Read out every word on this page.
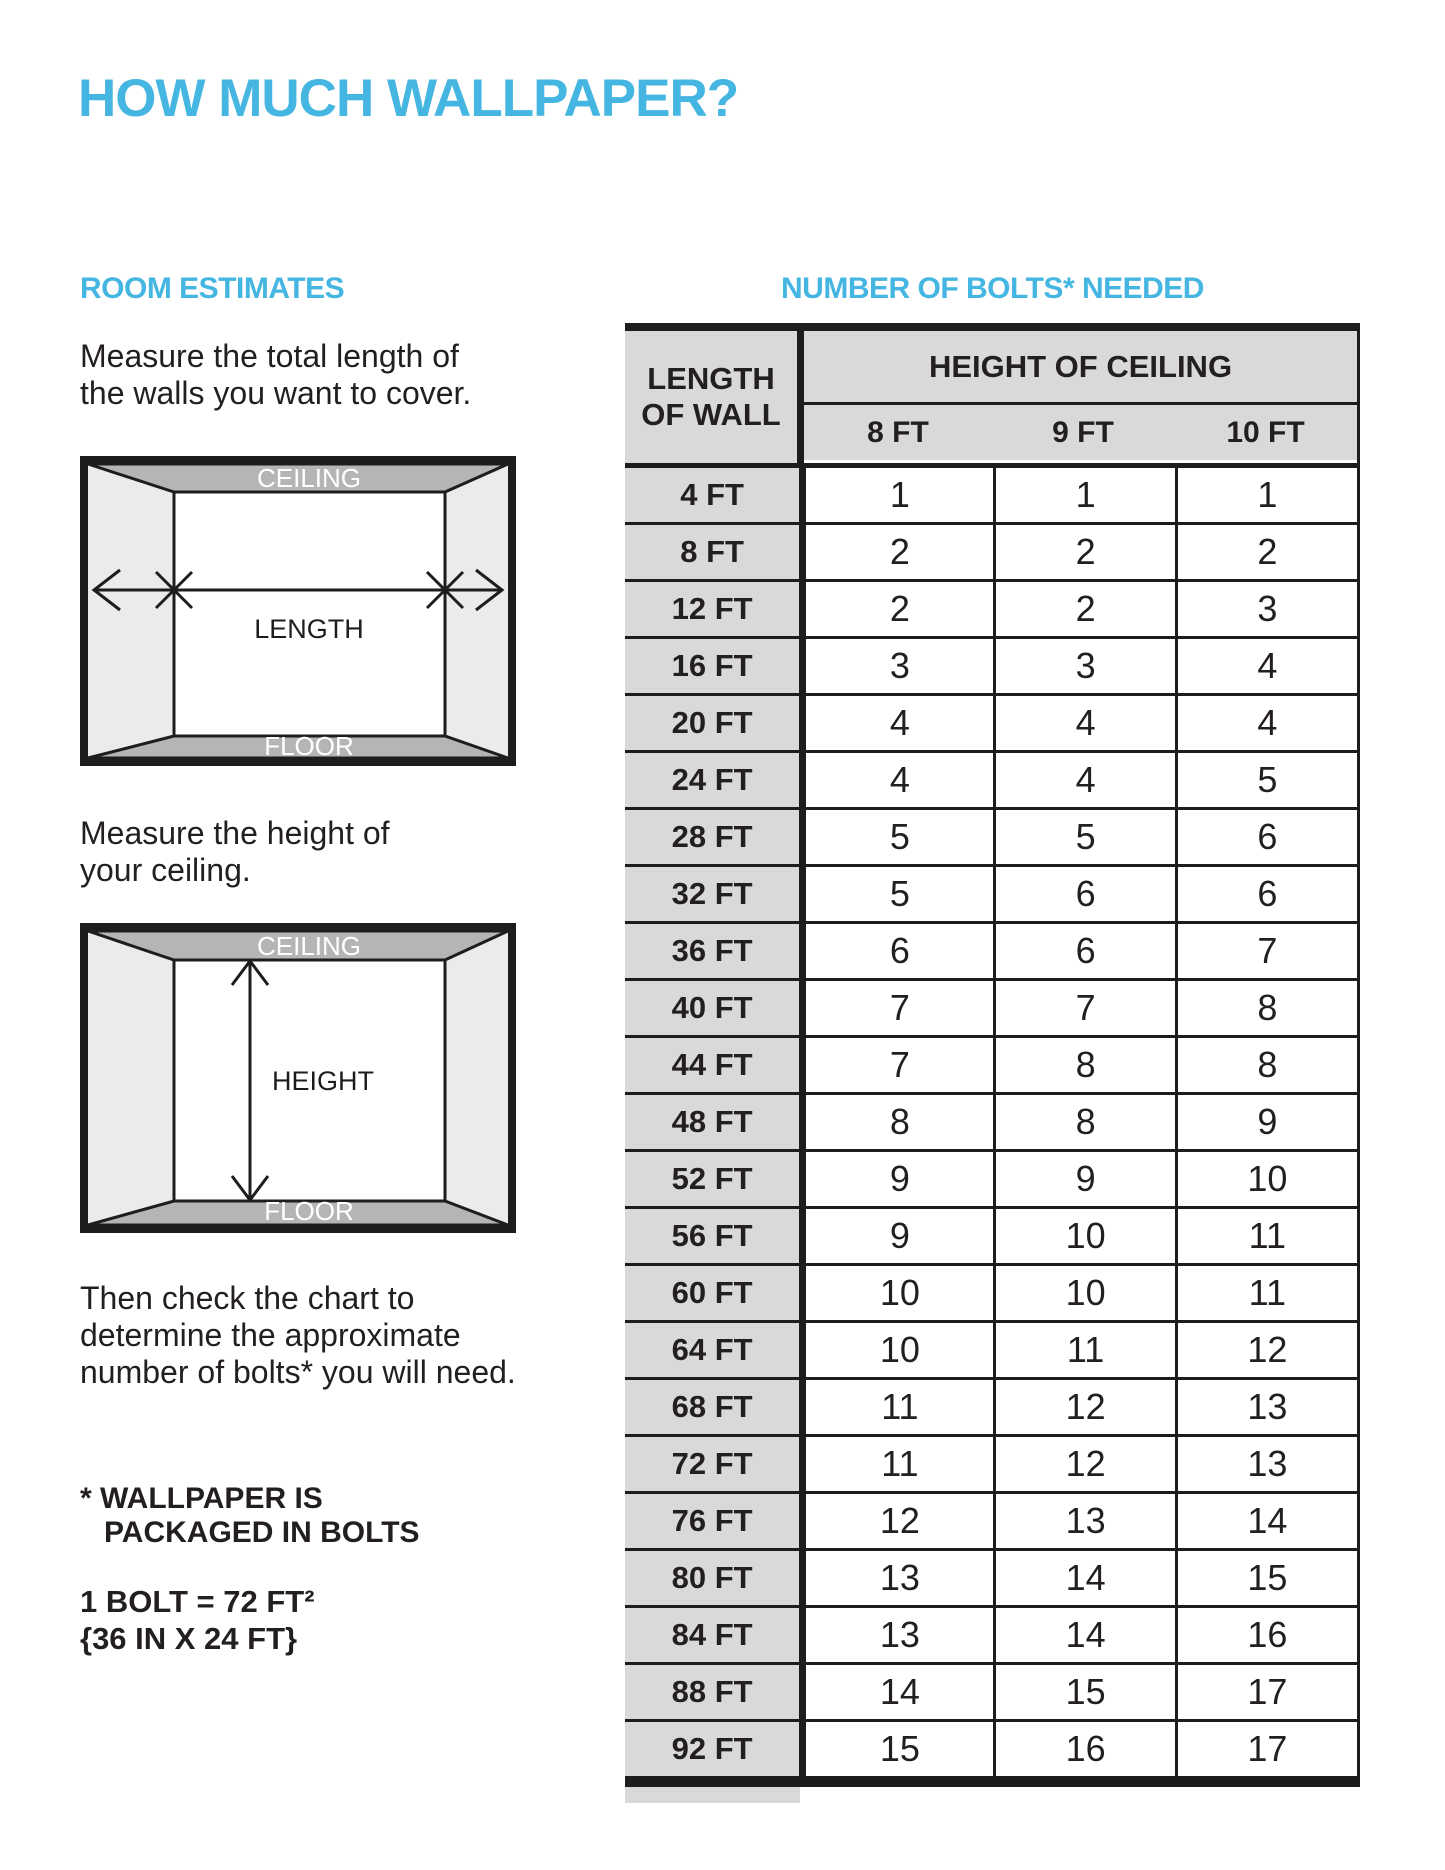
HOW MUCH WALLPAPER?
ROOM ESTIMATES
Measure the total length of
the walls you want to cover.
CEILING
LENGTH
FLOOR
Measure the height of
your ceiling.
CEILING
HEIGHT
FLOOR
Then check the chart to
determine the approximate
number of bolts* you will need.
* WALLPAPER IS
PACKAGED IN BOLTS
1 BOLT = 72 FT²
{36 IN X 24 FT}
NUMBER OF BOLTS* NEEDED
LENGTH
OF WALL
HEIGHT OF CEILING
8 FT	9 FT	10 FT
4 FT	1	1	1
8 FT	2	2	2
12 FT	2	2	3
16 FT	3	3	4
20 FT	4	4	4
24 FT	4	4	5
28 FT	5	5	6
32 FT	5	6	6
36 FT	6	6	7
40 FT	7	7	8
44 FT	7	8	8
48 FT	8	8	9
52 FT	9	9	10
56 FT	9	10	11
60 FT	10	10	11
64 FT	10	11	12
68 FT	11	12	13
72 FT	11	12	13
76 FT	12	13	14
80 FT	13	14	15
84 FT	13	14	16
88 FT	14	15	17
92 FT	15	16	17
